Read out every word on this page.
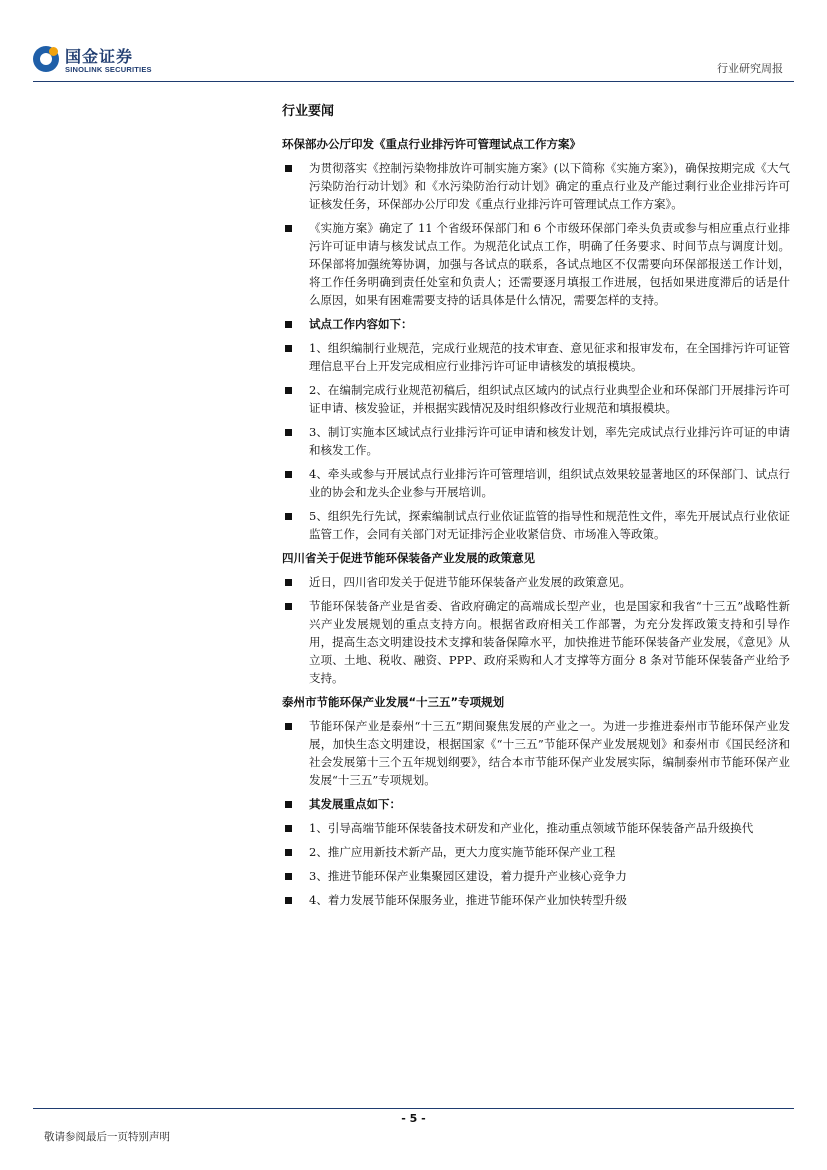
国金证券
SINOLINK SECURITIES	行业研究周报
行业要闻
环保部办公厅印发《重点行业排污许可管理试点工作方案》
为贯彻落实《控制污染物排放许可制实施方案》(以下简称《实施方案》)，确保按期完成《大气污染防治行动计划》和《水污染防治行动计划》确定的重点行业及产能过剩行业企业排污许可证核发任务，环保部办公厅印发《重点行业排污许可管理试点工作方案》。
《实施方案》确定了 11 个省级环保部门和 6 个市级环保部门牵头负责或参与相应重点行业排污许可证申请与核发试点工作。为规范化试点工作，明确了任务要求、时间节点与调度计划。环保部将加强统筹协调，加强与各试点的联系，各试点地区不仅需要向环保部报送工作计划，将工作任务明确到责任处室和负责人；还需要逐月填报工作进展，包括如果进度滞后的话是什么原因，如果有困难需要支持的话具体是什么情况，需要怎样的支持。
试点工作内容如下：
1、组织编制行业规范，完成行业规范的技术审查、意见征求和报审发布，在全国排污许可证管理信息平台上开发完成相应行业排污许可证申请核发的填报模块。
2、在编制完成行业规范初稿后，组织试点区域内的试点行业典型企业和环保部门开展排污许可证申请、核发验证，并根据实践情况及时组织修改行业规范和填报模块。
3、制订实施本区域试点行业排污许可证申请和核发计划，率先完成试点行业排污许可证的申请和核发工作。
4、牵头或参与开展试点行业排污许可管理培训，组织试点效果较显著地区的环保部门、试点行业的协会和龙头企业参与开展培训。
5、组织先行先试，探索编制试点行业依证监管的指导性和规范性文件，率先开展试点行业依证监管工作，会同有关部门对无证排污企业收紧信贷、市场准入等政策。
四川省关于促进节能环保装备产业发展的政策意见
近日，四川省印发关于促进节能环保装备产业发展的政策意见。
节能环保装备产业是省委、省政府确定的高端成长型产业，也是国家和我省“十三五”战略性新兴产业发展规划的重点支持方向。根据省政府相关工作部署，为充分发挥政策支持和引导作用，提高生态文明建设技术支撑和装备保障水平，加快推进节能环保装备产业发展，《意见》从立项、土地、税收、融资、PPP、政府采购和人才支撑等方面分 8 条对节能环保装备产业给予支持。
泰州市节能环保产业发展“十三五”专项规划
节能环保产业是泰州“十三五”期间聚焦发展的产业之一。为进一步推进泰州市节能环保产业发展，加快生态文明建设，根据国家《“十三五”节能环保产业发展规划》和泰州市《国民经济和社会发展第十三个五年规划纲要》，结合本市节能环保产业发展实际，编制泰州市节能环保产业发展“十三五”专项规划。
其发展重点如下：
1、引导高端节能环保装备技术研发和产业化，推动重点领域节能环保装备产品升级换代
2、推广应用新技术新产品，更大力度实施节能环保产业工程
3、推进节能环保产业集聚园区建设，着力提升产业核心竞争力
4、着力发展节能环保服务业，推进节能环保产业加快转型升级
- 5 -
敬请参阅最后一页特别声明
